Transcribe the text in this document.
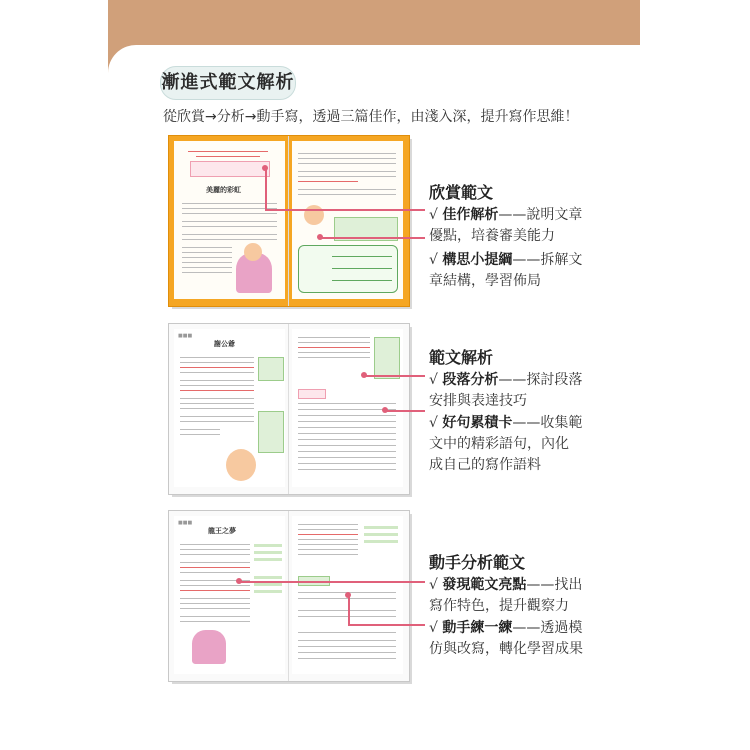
漸進式範文解析
從欣賞→分析→動手寫，透過三篇佳作，由淺入深，提升寫作思維！
美麗的彩虹
■■■
謝公爺
■■■
龍王之夢
欣賞範文
√ 佳作解析——說明文章
優點，培養審美能力
√ 構思小提綱——拆解文
章結構，學習佈局
範文解析
√ 段落分析——探討段落
安排與表達技巧
√ 好句累積卡——收集範
文中的精彩語句，內化
成自己的寫作語料
動手分析範文
√ 發現範文亮點——找出
寫作特色，提升觀察力
√ 動手練一練——透過模
仿與改寫，轉化學習成果
